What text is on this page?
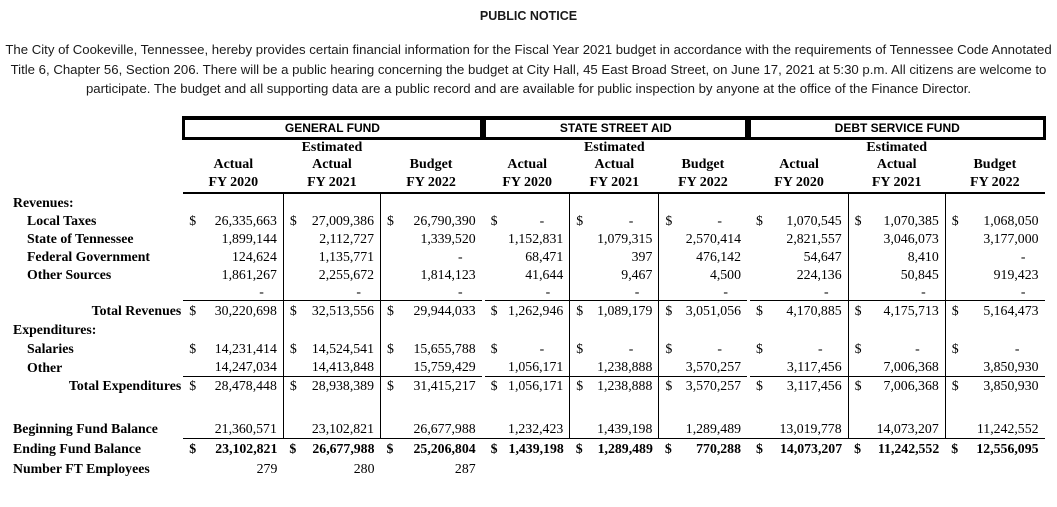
PUBLIC NOTICE
The City of Cookeville, Tennessee, hereby provides certain financial information for the Fiscal Year 2021 budget in accordance with the requirements of Tennessee Code Annotated
Title 6, Chapter 56, Section 206. There will be a public hearing concerning the budget at City Hall, 45 East Broad Street, on June 17, 2021 at 5:30 p.m. All citizens are welcome to
participate. The budget and all supporting data are a public record and are available for public inspection by anyone at the office of the Finance Director.
	GENERAL FUND				STATE STREET AID				DEBT SERVICE FUND		
		Estimated				Estimated				Estimated	
	Actual	Actual	Budget		Actual	Actual	Budget		Actual	Actual	Budget
	FY 2020	FY 2021	FY 2022		FY 2020	FY 2021	FY 2022		FY 2020	FY 2021	FY 2022
Revenues:											
Local Taxes	$ 26,335,663	$ 27,009,386	$ 26,790,390		$ -	$ -	$ -		$ 1,070,545	$ 1,070,385	$ 1,068,050

State of Tennessee	1,899,144	2,112,727	1,339,520		1,152,831	1,079,315	2,570,414		2,821,557	3,046,073	3,177,000

Federal Government	124,624	1,135,771	-		68,471	397	476,142		54,647	8,410	-

Other Sources	1,861,267	2,255,672	1,814,123		41,644	9,467	4,500		224,136	50,845	919,423

	-	-	-		-	-	-		-	-	-

Total Revenues	$ 30,220,698	$ 32,513,556	$ 29,944,033		$ 1,262,946	$ 1,089,179	$ 3,051,056		$ 4,170,885	$ 4,175,713	$ 5,164,473

Expenditures:											
Salaries	$ 14,231,414	$ 14,524,541	$ 15,655,788		$ -	$ -	$ -		$ -	$ -	$ -

Other	14,247,034	14,413,848	15,759,429		1,056,171	1,238,888	3,570,257		3,117,456	7,006,368	3,850,930

Total Expenditures	$ 28,478,448	$ 28,938,389	$ 31,415,217		$ 1,056,171	$ 1,238,888	$ 3,570,257		$ 3,117,456	$ 7,006,368	$ 3,850,930

Beginning Fund Balance	21,360,571	23,102,821	26,677,988		1,232,423	1,439,198	1,289,489		13,019,778	14,073,207	11,242,552

Ending Fund Balance	$ 23,102,821	$ 26,677,988	$ 25,206,804		$ 1,439,198	$ 1,289,489	$ 770,288		$ 14,073,207	$ 11,242,552	$ 12,556,095

Number FT Employees	279	280	287								
